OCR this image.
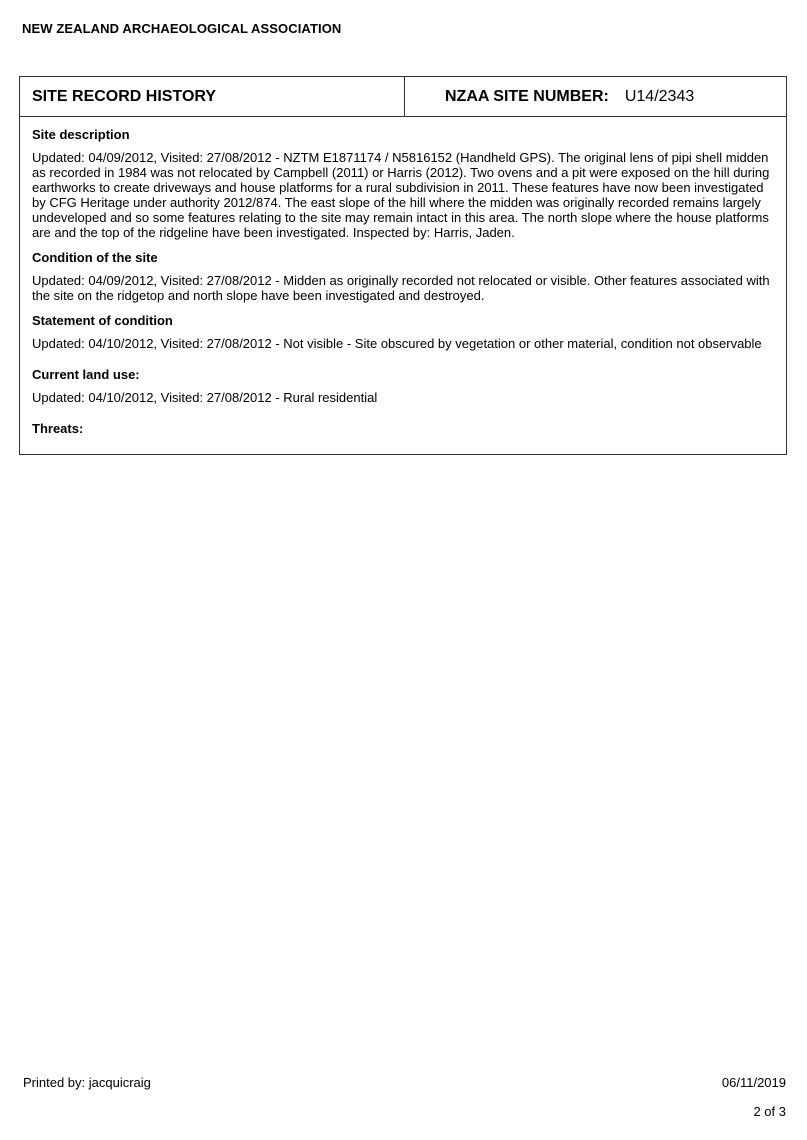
NEW ZEALAND ARCHAEOLOGICAL ASSOCIATION
SITE RECORD HISTORY	NZAA SITE NUMBER: U14/2343

Site description

Updated: 04/09/2012, Visited: 27/08/2012 - NZTM E1871174 / N5816152 (Handheld GPS). The original lens of pipi shell midden as recorded in 1984 was not relocated by Campbell (2011) or Harris (2012). Two ovens and a pit were exposed on the hill during earthworks to create driveways and house platforms for a rural subdivision in 2011. These features have now been investigated by CFG Heritage under authority 2012/874. The east slope of the hill where the midden was originally recorded remains largely undeveloped and so some features relating to the site may remain intact in this area. The north slope where the house platforms are and the top of the ridgeline have been investigated. Inspected by: Harris, Jaden.

Condition of the site

Updated: 04/09/2012, Visited: 27/08/2012 - Midden as originally recorded not relocated or visible. Other features associated with the site on the ridgetop and north slope have been investigated and destroyed.

Statement of condition

Updated: 04/10/2012, Visited: 27/08/2012 - Not visible - Site obscured by vegetation or other material, condition not observable

Current land use:

Updated: 04/10/2012, Visited: 27/08/2012 - Rural residential

Threats:

Printed by: jacquicraig	06/11/2019
2 of 3
